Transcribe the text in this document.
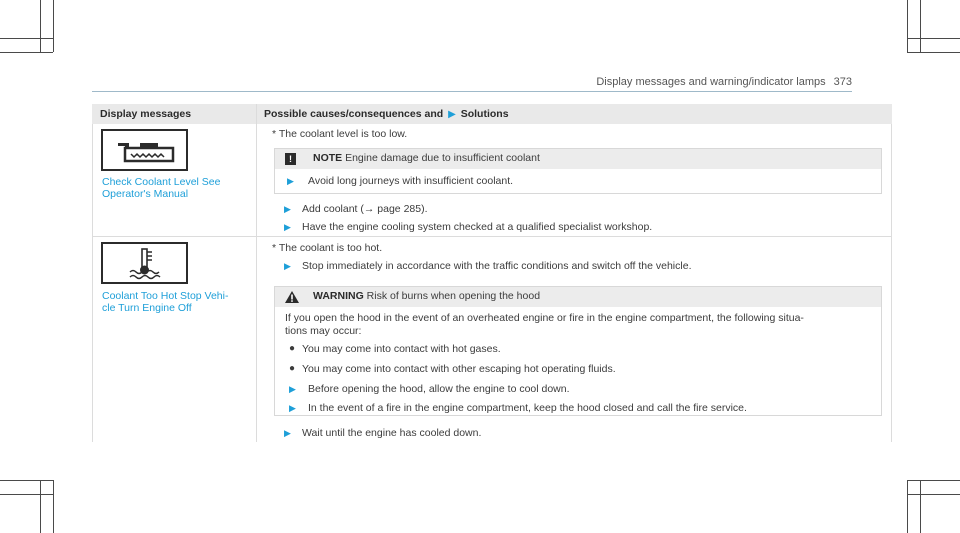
Display messages and warning/indicator lamps 373
Display messages	Possible causes/consequences and ▶ Solutions
Check Coolant Level See Operator's Manual
* The coolant level is too low.
!	NOTE Engine damage due to insufficient coolant
▶ Avoid long journeys with insufficient coolant.
▶ Add coolant (→ page 285).
▶ Have the engine cooling system checked at a qualified specialist workshop.
Coolant Too Hot Stop Vehi-
cle Turn Engine Off
* The coolant is too hot.
▶ Stop immediately in accordance with the traffic conditions and switch off the vehicle.
WARNING Risk of burns when opening the hood
If you open the hood in the event of an overheated engine or fire in the engine compartment, the following situa-
tions may occur:
● You may come into contact with hot gases.
● You may come into contact with other escaping hot operating fluids.
▶ Before opening the hood, allow the engine to cool down.
▶ In the event of a fire in the engine compartment, keep the hood closed and call the fire service.
▶ Wait until the engine has cooled down.
